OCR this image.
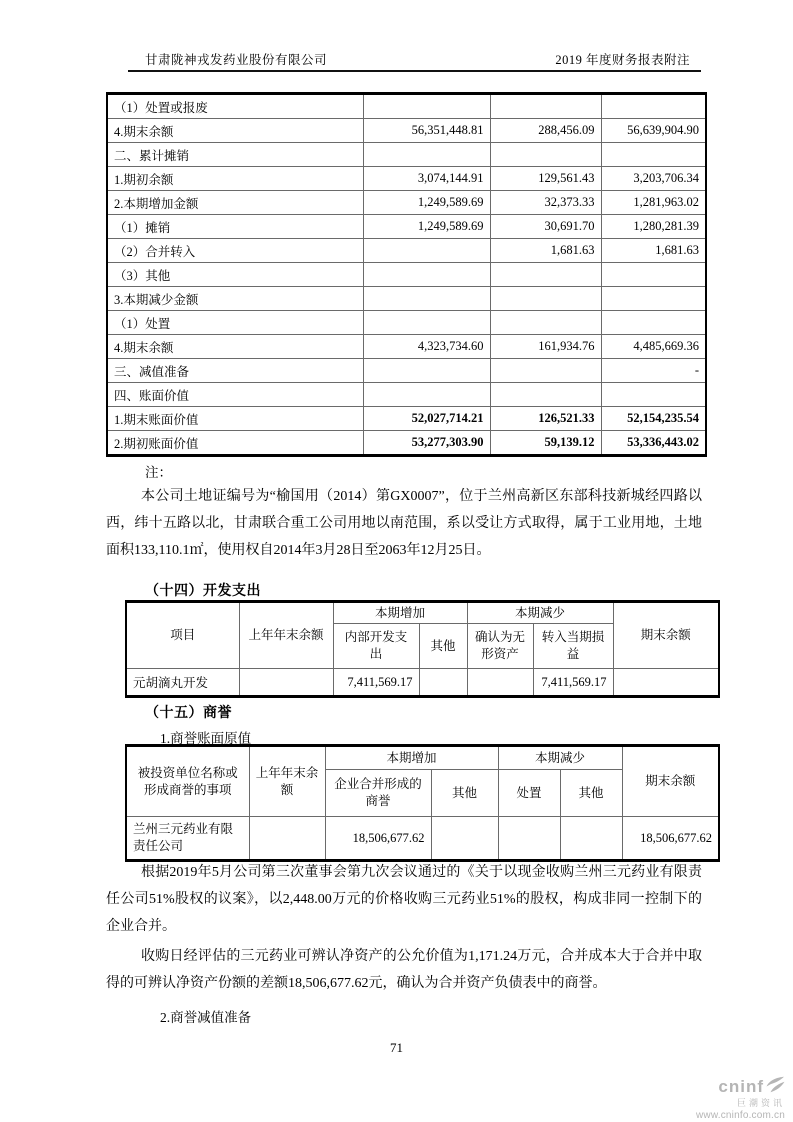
甘肃陇神戎发药业股份有限公司	2019 年度财务报表附注
（1）处置或报废			
4.期末余额	56,351,448.81	288,456.09	56,639,904.90
二、累计摊销			
1.期初余额	3,074,144.91	129,561.43	3,203,706.34
2.本期增加金额	1,249,589.69	32,373.33	1,281,963.02
（1）摊销	1,249,589.69	30,691.70	1,280,281.39
（2）合并转入		1,681.63	1,681.63
（3）其他			
3.本期减少金额			
（1）处置			
4.期末余额	4,323,734.60	161,934.76	4,485,669.36
三、减值准备			-
四、账面价值			
1.期末账面价值	52,027,714.21	126,521.33	52,154,235.54
2.期初账面价值	53,277,303.90	59,139.12	53,336,443.02
注：
本公司土地证编号为“榆国用（2014）第GX0007”，位于兰州高新区东部科技新城经四路以西，纬十五路以北，甘肃联合重工公司用地以南范围，系以受让方式取得，属于工业用地，土地面积133,110.1㎡，使用权自2014年3月28日至2063年12月25日。
（十四）开发支出
项目	上年年末余额	本期增加		本期减少		期末余额
		内部开发支出	其他	确认为无形资产	转入当期损益	
元胡滴丸开发		7,411,569.17			7,411,569.17	
（十五）商誉
1.商誉账面原值
被投资单位名称或形成商誉的事项	上年年末余额	本期增加		本期减少		期末余额
		企业合并形成的商誉	其他	处置	其他	
兰州三元药业有限责任公司		18,506,677.62				18,506,677.62
根据2019年5月公司第三次董事会第九次会议通过的《关于以现金收购兰州三元药业有限责任公司51%股权的议案》，以2,448.00万元的价格收购三元药业51%的股权，构成非同一控制下的企业合并。
收购日经评估的三元药业可辨认净资产的公允价值为1,171.24万元，合并成本大于合并中取得的可辨认净资产份额的差额18,506,677.62元，确认为合并资产负债表中的商誉。
2.商誉减值准备
71
cninf
巨潮资讯
www.cninfo.com.cn
